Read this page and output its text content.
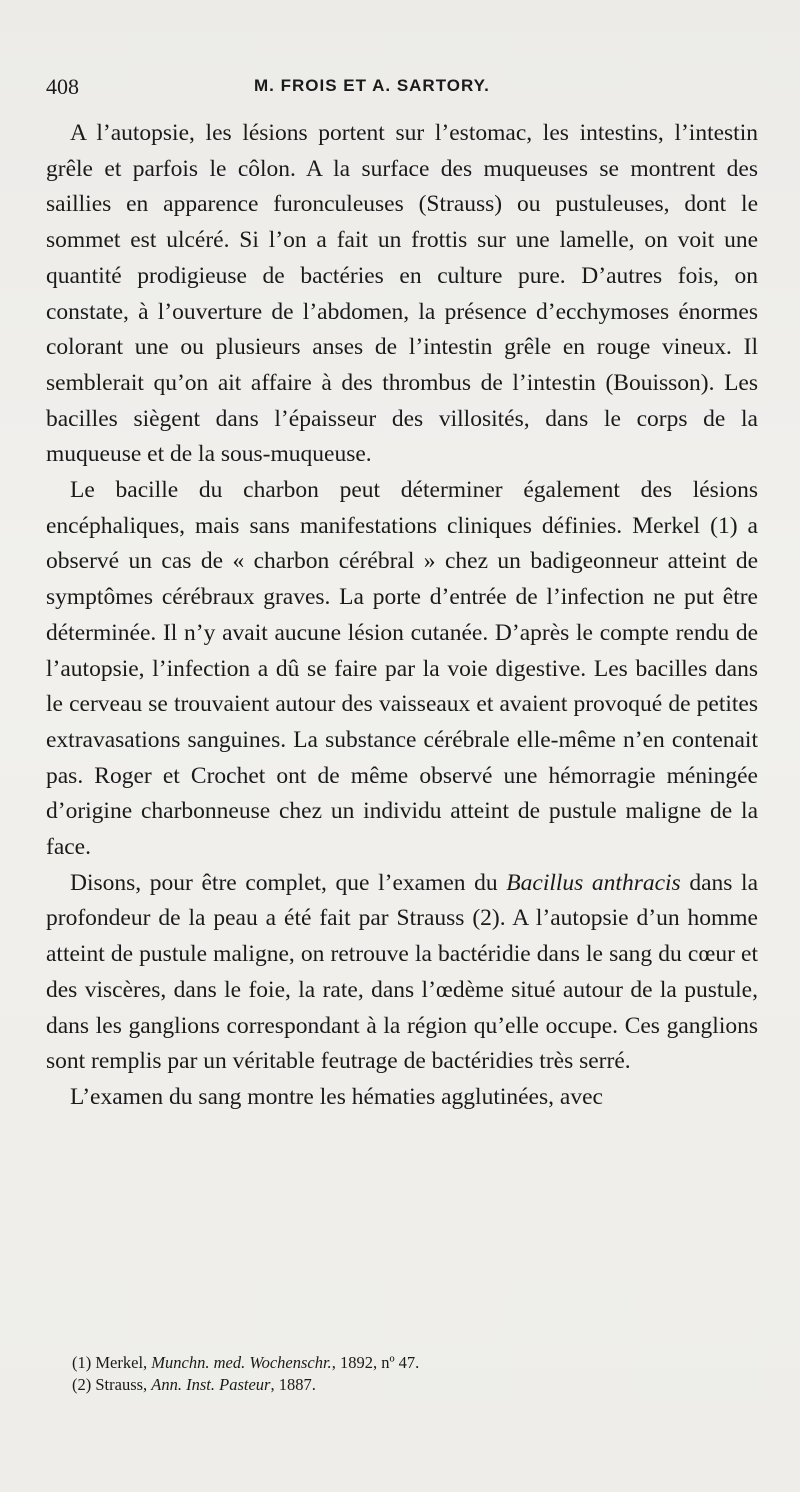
408	M. FROIS ET A. SARTORY.

A l’autopsie, les lésions portent sur l’estomac, les intestins, l’intestin grêle et parfois le côlon. A la surface des muqueuses se montrent des saillies en apparence furonculeuses (Strauss) ou pustuleuses, dont le sommet est ulcéré. Si l’on a fait un frottis sur une lamelle, on voit une quantité prodigieuse de bactéries en culture pure. D’autres fois, on constate, à l’ouverture de l’abdomen, la présence d’ecchymoses énormes colorant une ou plusieurs anses de l’intestin grêle en rouge vineux. Il semblerait qu’on ait affaire à des thrombus de l’intestin (Bouisson). Les bacilles siègent dans l’épaisseur des villosités, dans le corps de la muqueuse et de la sous-muqueuse.

Le bacille du charbon peut déterminer également des lésions encéphaliques, mais sans manifestations cliniques définies. Merkel (1) a observé un cas de « charbon cérébral » chez un badigeonneur atteint de symptômes cérébraux graves. La porte d’entrée de l’infection ne put être déterminée. Il n’y avait aucune lésion cutanée. D’après le compte rendu de l’autopsie, l’infection a dû se faire par la voie digestive. Les bacilles dans le cerveau se trouvaient autour des vaisseaux et avaient provoqué de petites extravasations sanguines. La substance cérébrale elle-même n’en contenait pas. Roger et Crochet ont de même observé une hémorragie méningée d’origine charbonneuse chez un individu atteint de pustule maligne de la face.

Disons, pour être complet, que l’examen du Bacillus anthracis dans la profondeur de la peau a été fait par Strauss (2). A l’autopsie d’un homme atteint de pustule maligne, on retrouve la bactéridie dans le sang du cœur et des viscères, dans le foie, la rate, dans l’œdème situé autour de la pustule, dans les ganglions correspondant à la région qu’elle occupe. Ces ganglions sont remplis par un véritable feutrage de bactéridies très serré.

L’examen du sang montre les hématies agglutinées, avec

(1) Merkel, Munchn. med. Wochenschr., 1892, nº 47.
(2) Strauss, Ann. Inst. Pasteur, 1887.
